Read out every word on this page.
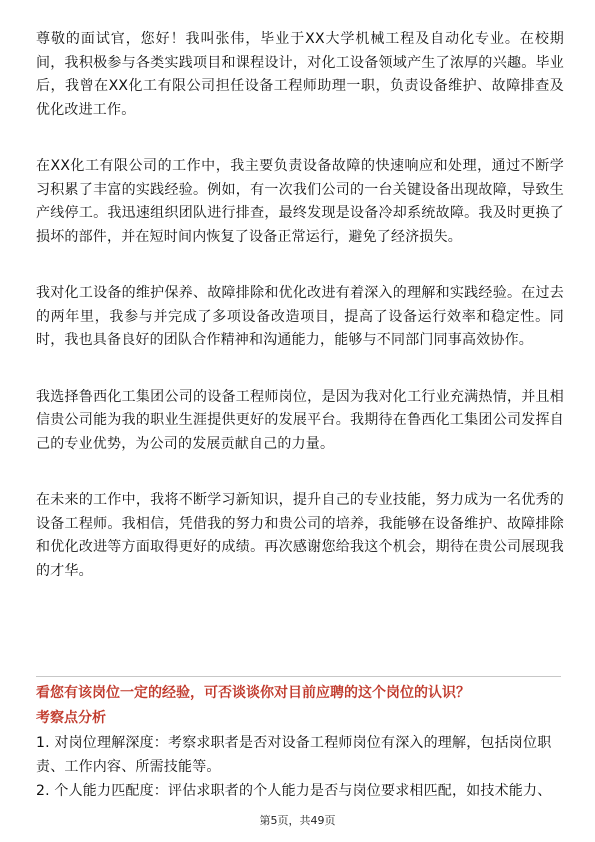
尊敬的面试官，您好！我叫张伟，毕业于XX大学机械工程及自动化专业。在校期间，我积极参与各类实践项目和课程设计，对化工设备领域产生了浓厚的兴趣。毕业后，我曾在XX化工有限公司担任设备工程师助理一职，负责设备维护、故障排查及优化改进工作。

在XX化工有限公司的工作中，我主要负责设备故障的快速响应和处理，通过不断学习积累了丰富的实践经验。例如，有一次我们公司的一台关键设备出现故障，导致生产线停工。我迅速组织团队进行排查，最终发现是设备冷却系统故障。我及时更换了损坏的部件，并在短时间内恢复了设备正常运行，避免了经济损失。

我对化工设备的维护保养、故障排除和优化改进有着深入的理解和实践经验。在过去的两年里，我参与并完成了多项设备改造项目，提高了设备运行效率和稳定性。同时，我也具备良好的团队合作精神和沟通能力，能够与不同部门同事高效协作。

我选择鲁西化工集团公司的设备工程师岗位，是因为我对化工行业充满热情，并且相信贵公司能为我的职业生涯提供更好的发展平台。我期待在鲁西化工集团公司发挥自己的专业优势，为公司的发展贡献自己的力量。

在未来的工作中，我将不断学习新知识，提升自己的专业技能，努力成为一名优秀的设备工程师。我相信，凭借我的努力和贵公司的培养，我能够在设备维护、故障排除和优化改进等方面取得更好的成绩。再次感谢您给我这个机会，期待在贵公司展现我的才华。

看您有该岗位一定的经验，可否谈谈你对目前应聘的这个岗位的认识？
考察点分析
1. 对岗位理解深度：考察求职者是否对设备工程师岗位有深入的理解，包括岗位职责、工作内容、所需技能等。
2. 个人能力匹配度：评估求职者的个人能力是否与岗位要求相匹配，如技术能力、
第5页，共49页
